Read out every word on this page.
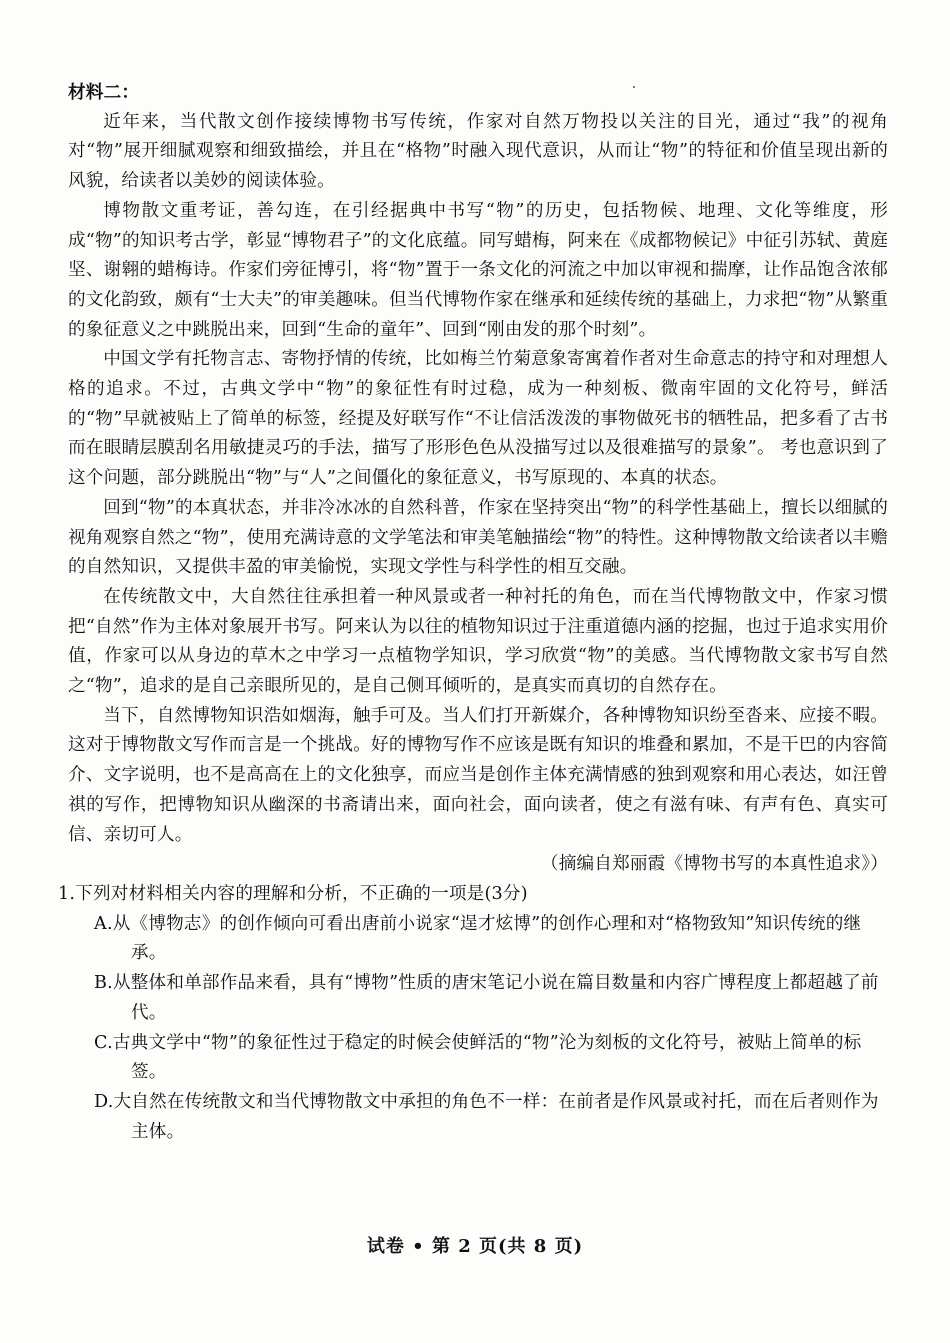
材料二：

近年来，当代散文创作接续博物书写传统，作家对自然万物投以关注的目光，通过“我”的视角对“物”展开细腻观察和细致描绘，并且在“格物”时融入现代意识，从而让“物”的特征和价值呈现出新的风貌，给读者以美妙的阅读体验。

博物散文重考证，善勾连，在引经据典中书写“物”的历史，包括物候、地理、文化等维度，形成“物”的知识考古学，彰显“博物君子”的文化底蕴。同写蜡梅，阿来在《成都物候记》中征引苏轼、黄庭坚、谢翱的蜡梅诗。作家们旁征博引，将“物”置于一条文化的河流之中加以审视和揣摩，让作品饱含浓郁的文化韵致，颇有“士大夫”的审美趣味。但当代博物作家在继承和延续传统的基础上，力求把“物”从繁重的象征意义之中跳脱出来，回到“生命的童年”、回到“刚由发的那个时刻”。

中国文学有托物言志、寄物抒情的传统，比如梅兰竹菊意象寄寓着作者对生命意志的持守和对理想人格的追求。不过，古典文学中“物”的象征性有时过稳，成为一种刻板、微南牢固的文化符号，鲜活的“物”早就被贴上了简单的标签，经提及好联写作“不让信活泼泼的事物做死书的牺牲品，把多看了古书而在眼睛层膜刮名用敏捷灵巧的手法，描写了形形色色从没描写过以及很难描写的景象”。 考也意识到了这个问题，部分跳脱出“物”与“人”之间僵化的象征意义，书写原现的、本真的状态。

回到“物”的本真状态，并非冷冰冰的自然科普，作家在坚持突出“物”的科学性基础上，擅长以细腻的视角观察自然之“物”，使用充满诗意的文学笔法和审美笔触描绘“物”的特性。这种博物散文给读者以丰赡的自然知识，又提供丰盈的审美愉悦，实现文学性与科学性的相互交融。

在传统散文中，大自然往往承担着一种风景或者一种衬托的角色，而在当代博物散文中，作家习惯把“自然”作为主体对象展开书写。阿来认为以往的植物知识过于注重道德内涵的挖掘，也过于追求实用价值，作家可以从身边的草木之中学习一点植物学知识，学习欣赏“物”的美感。当代博物散文家书写自然之“物”，追求的是自己亲眼所见的，是自己侧耳倾听的，是真实而真切的自然存在。

当下，自然博物知识浩如烟海，触手可及。当人们打开新媒介，各种博物知识纷至沓来、应接不暇。这对于博物散文写作而言是一个挑战。好的博物写作不应该是既有知识的堆叠和累加，不是干巴的内容简介、文字说明，也不是高高在上的文化独享，而应当是创作主体充满情感的独到观察和用心表达，如汪曾祺的写作，把博物知识从幽深的书斋请出来，面向社会，面向读者，使之有滋有味、有声有色、真实可信、亲切可人。

（摘编自郑丽霞《博物书写的本真性追求》）

1.下列对材料相关内容的理解和分析，不正确的一项是(3分)

A.从《博物志》的创作倾向可看出唐前小说家“逞才炫博”的创作心理和对“格物致知”知识传统的继承。

B.从整体和单部作品来看，具有“博物”性质的唐宋笔记小说在篇目数量和内容广博程度上都超越了前代。

C.古典文学中“物”的象征性过于稳定的时候会使鲜活的“物”沦为刻板的文化符号，被贴上简单的标签。

D.大自然在传统散文和当代博物散文中承担的角色不一样：在前者是作风景或衬托，而在后者则作为主体。

试卷 • 第 2 页(共 8 页)
